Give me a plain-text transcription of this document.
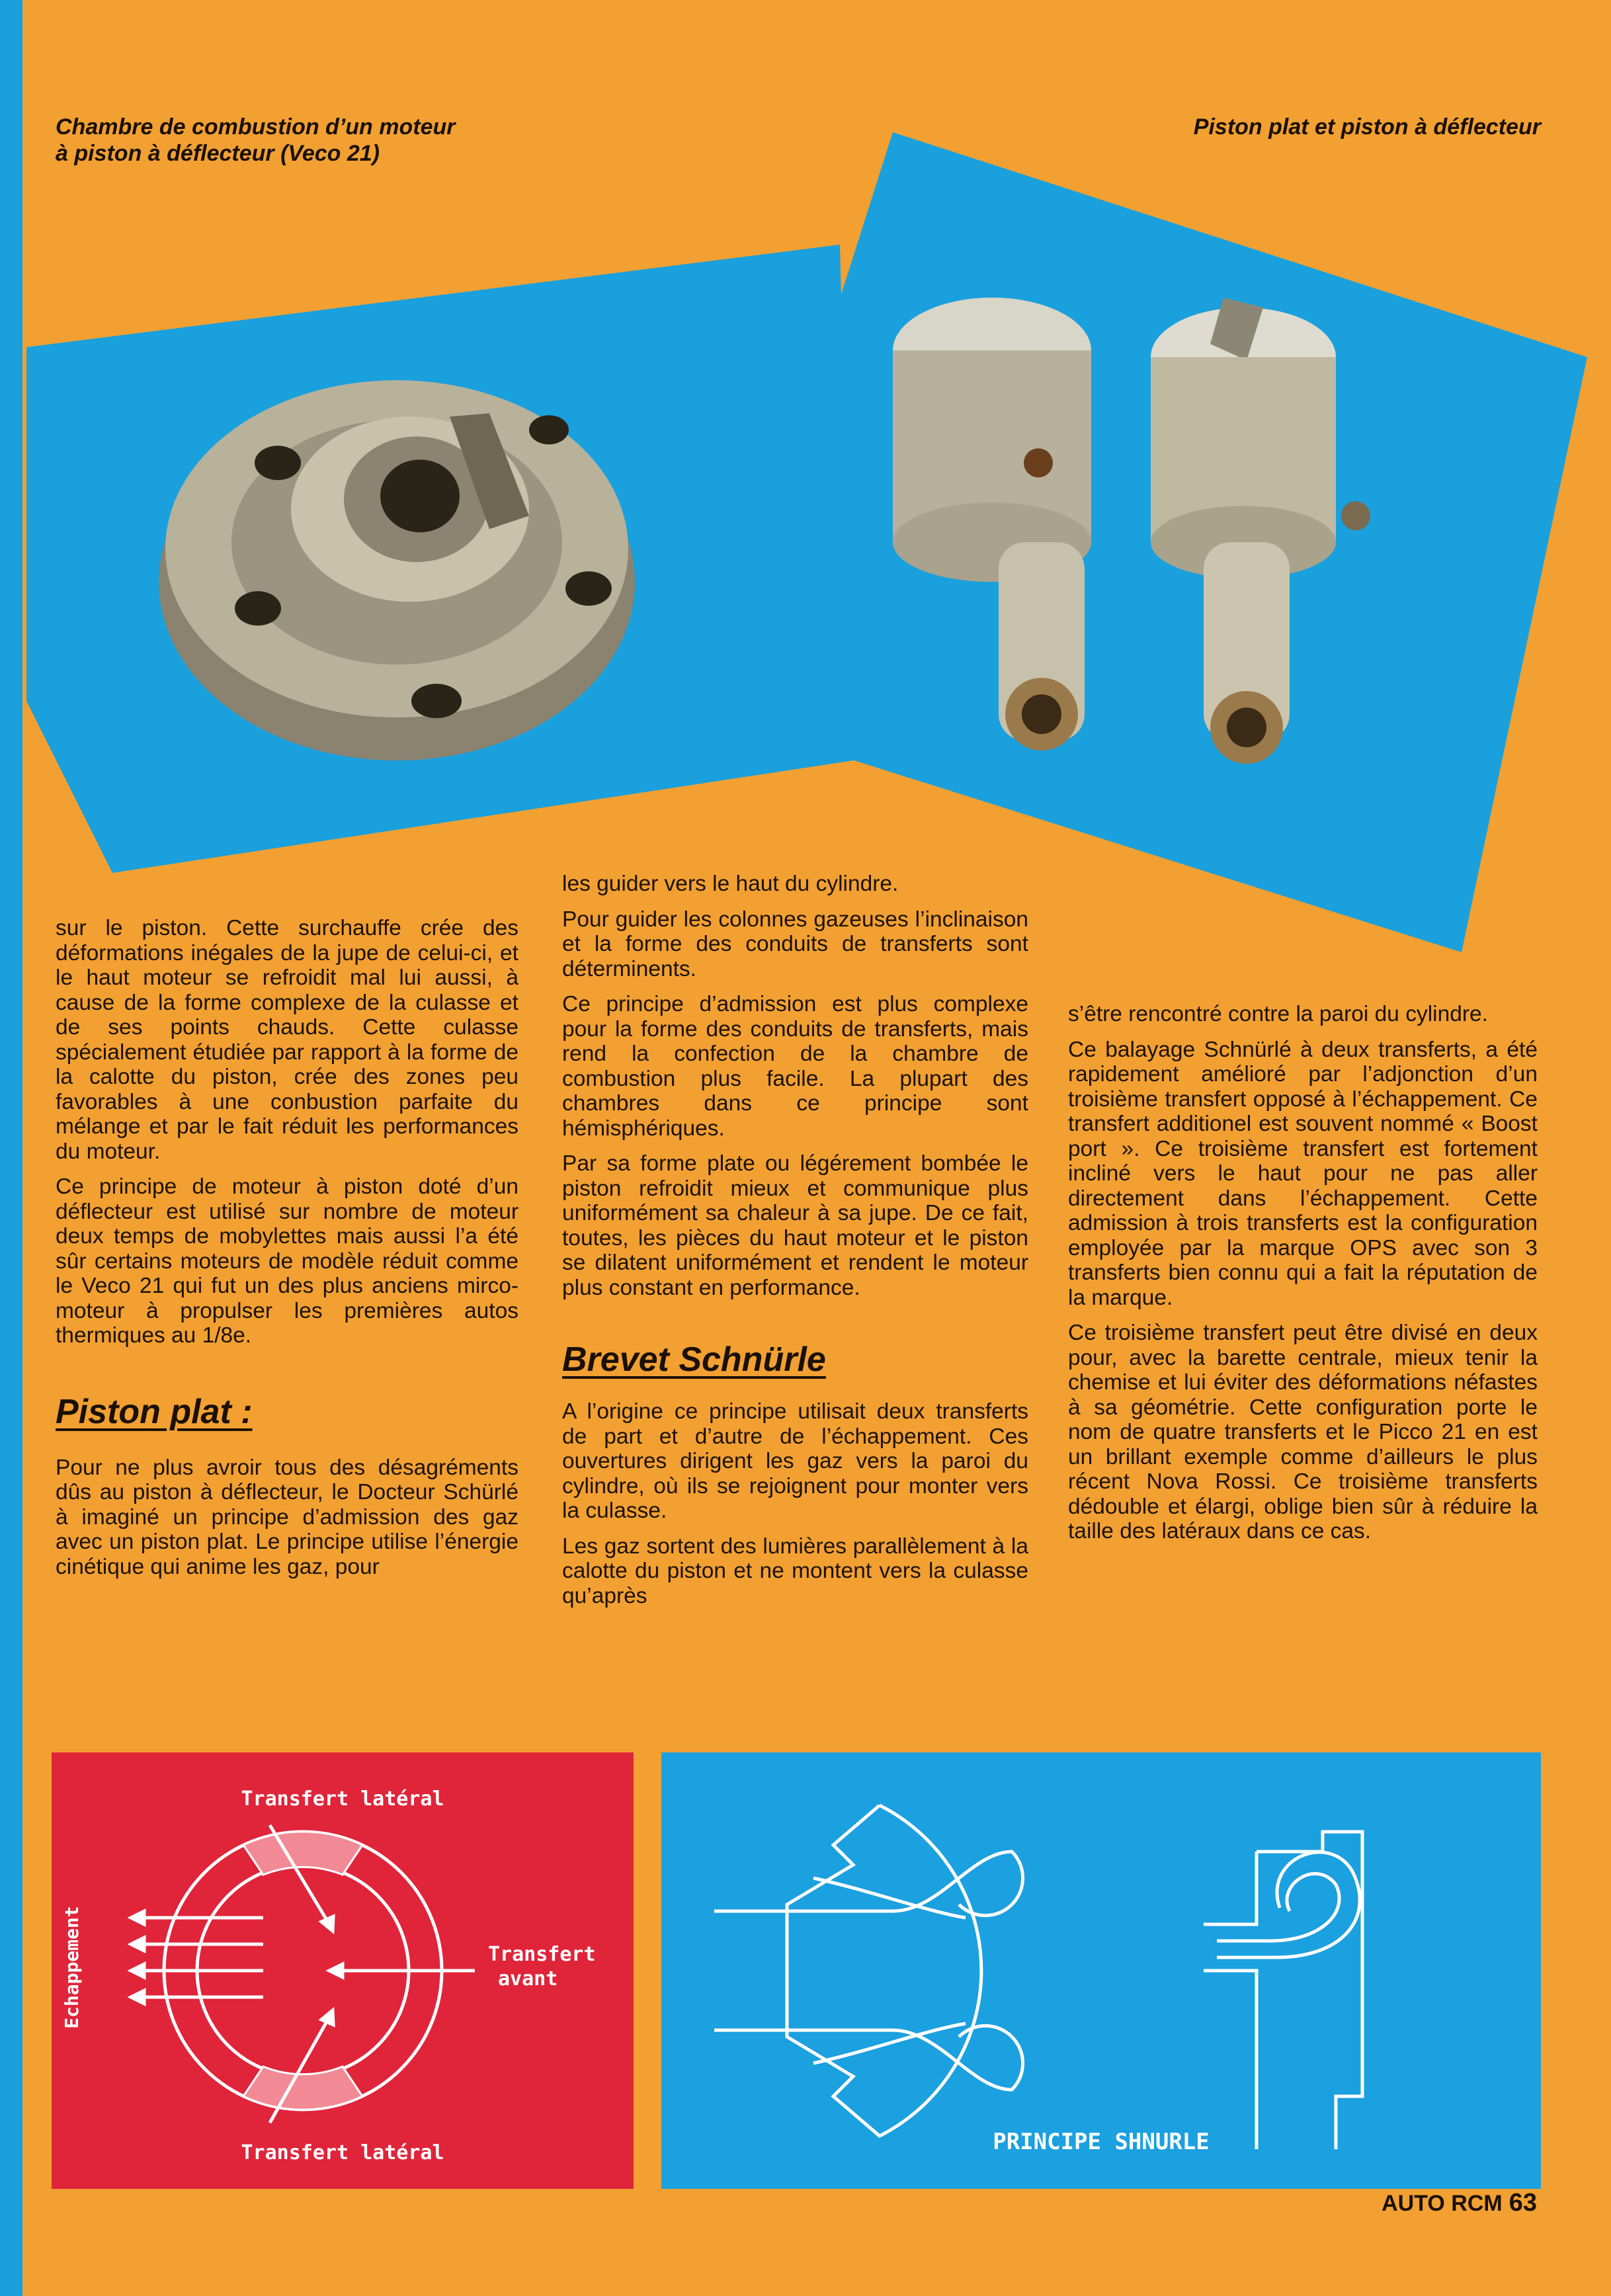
Chambre de combustion d’un moteur
à piston à déflecteur (Veco 21)
Piston plat et piston à déflecteur

sur le piston. Cette surchauffe crée des déformations inégales de la jupe de celui-ci, et le haut moteur se refroidit mal lui aussi, à cause de la forme complexe de la culasse et de ses points chauds. Cette culasse spécialement étudiée par rapport à la forme de la calotte du piston, crée des zones peu favorables à une conbustion parfaite du mélange et par le fait réduit les performances du moteur.

Ce principe de moteur à piston doté d’un déflecteur est utilisé sur nombre de moteur deux temps de mobylettes mais aussi l’a été sûr certains moteurs de modèle réduit comme le Veco 21 qui fut un des plus anciens mirco-moteur à propulser les premières autos thermiques au 1/8e.

Piston plat :

Pour ne plus avroir tous des désagréments dûs au piston à déflecteur, le Docteur Schürlé à imaginé un principe d’admission des gaz avec un piston plat. Le principe utilise l’énergie cinétique qui anime les gaz, pour

les guider vers le haut du cylindre.

Pour guider les colonnes gazeuses l’inclinaison et la forme des conduits de transferts sont déterminents.

Ce principe d’admission est plus complexe pour la forme des conduits de transferts, mais rend la confection de la chambre de combustion plus facile. La plupart des chambres dans ce principe sont hémisphériques.

Par sa forme plate ou légérement bombée le piston refroidit mieux et communique plus uniformément sa chaleur à sa jupe. De ce fait, toutes, les pièces du haut moteur et le piston se dilatent uniformément et rendent le moteur plus constant en performance.

Brevet Schnürle

A l’origine ce principe utilisait deux transferts de part et d’autre de l’échappement. Ces ouvertures dirigent les gaz vers la paroi du cylindre, où ils se rejoignent pour monter vers la culasse.

Les gaz sortent des lumières parallèlement à la calotte du piston et ne montent vers la culasse qu’après

s’être rencontré contre la paroi du cylindre.

Ce balayage Schnürlé à deux transferts, a été rapidement amélioré par l’adjonction d’un troisième transfert opposé à l’échappement. Ce transfert additionel est souvent nommé « Boost port ». Ce troisième transfert est fortement incliné vers le haut pour ne pas aller directement dans l’échappement. Cette admission à trois transferts est la configuration employée par la marque OPS avec son 3 transferts bien connu qui a fait la réputation de la marque.

Ce troisième transfert peut être divisé en deux pour, avec la barette centrale, mieux tenir la chemise et lui éviter des déformations néfastes à sa géométrie. Cette configuration porte le nom de quatre transferts et le Picco 21 en est un brillant exemple comme d’ailleurs le plus récent Nova Rossi. Ce troisième transferts dédouble et élargi, oblige bien sûr à réduire la taille des latéraux dans ce cas.

Transfert latéral
Transfert latéral
Echappement	Transfert
avant
PRINCIPE SHNURLE
AUTO RCM 63
